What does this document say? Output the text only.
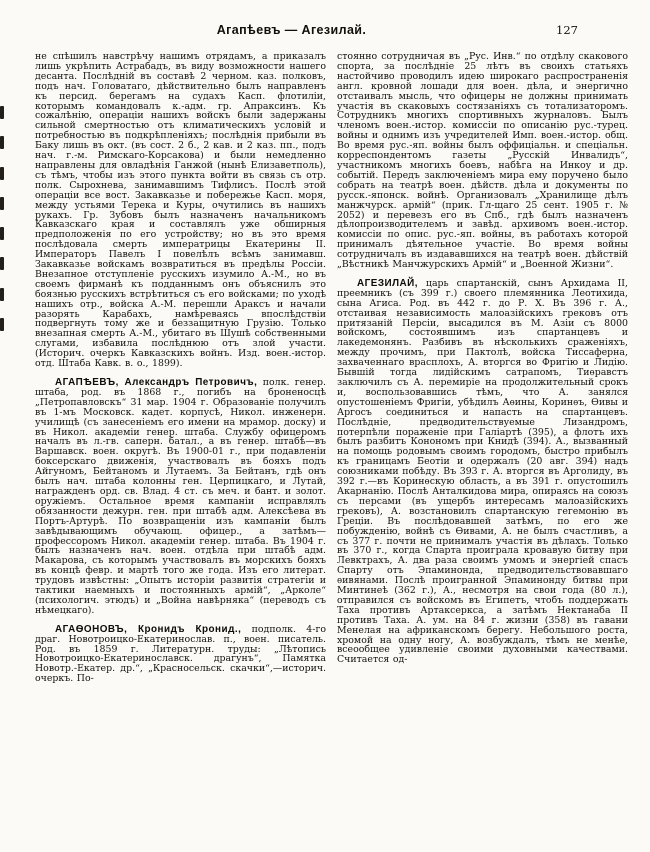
Агапѣевъ — Агезилай.	127

не спѣшилъ навстрѣчу нашимъ отрядамъ, а приказалъ лишь укрѣпить Астрабадъ, въ виду возможности нашего десанта. Послѣдній въ составѣ 2 черном. каз. полковъ, подъ нач. Головатаго, дѣйствительно былъ направленъ къ персид. берегамъ на судахъ Касп. флотиліи, которымъ командовалъ к.-адм. гр. Апраксинъ. Къ сожалѣнію, операціи нашихъ войскъ были задержаны сильной смертностью отъ климатическихъ условій и потребностью въ подкрѣпленіяхъ; послѣднія прибыли въ Баку лишь въ окт. (въ сост. 2 б., 2 кав. и 2 каз. пп., подъ нач. г.-м. Римскаго-Корсакова) и были немедленно направлены для овладѣнія Ганжой (нынѣ Елизаветполь), съ тѣмъ, чтобы изъ этого пункта войти въ связь съ отр. полк. Сырохнева, занимавшимъ Тифлисъ. Послѣ этой операціи все вост. Закавказье и побережье Касп. моря, между устьями Терека и Куры, очутились въ нашихъ рукахъ. Гр. Зубовъ былъ назначенъ начальникомъ Кавказскаго края и составлялъ уже обширныя предположенія по его устройству; но въ это время послѣдовала смерть императрицы Екатерины II. Императоръ Павелъ I повелѣлъ всѣмъ занимавш. Закавказье войскамъ возвратиться въ предѣлы Россіи. Внезапное отступленіе русскихъ изумило А.-М., но въ своемъ фирманѣ къ подданнымъ онъ объяснилъ это боязнью русскихъ встрѣтиться съ его войсками; по уходѣ нашихъ отр., войска А.-М. перешли Араксъ и начали разорять Карабахъ, намѣреваясь впослѣдствіи подвергнуть тому же и беззащитную Грузію. Только внезапная смерть А.-М., убитаго въ Шушѣ собственными слугами, избавила послѣднюю отъ злой участи. (Историч. очеркъ Кавказскихъ войнъ. Изд. воен.-истор. отд. Штаба Кавк. в. о., 1899).

АГАПѢЕВЪ, Александръ Петровичъ, полк. генер. штаба, род. въ 1868 г., погибъ на броненосцѣ „Петропавловскъ“ 31 мар. 1904 г. Образованіе получилъ въ 1-мъ Московск. кадет. корпусѣ, Никол. инженерн. училищѣ (съ занесеніемъ его имени на мрамор. доску) и въ Никол. академіи генер. штаба. Службу офицеромъ началъ въ л.-гв. саперн. батал., а въ генер. штабѣ—въ Варшавск. воен. округѣ. Въ 1900-01 г., при подавленіи боксерскаго движенія, участвовалъ въ бояхъ подъ Айгуномъ, Бейтаномъ и Лутаемъ. За Бейтанъ, гдѣ онъ былъ нач. штаба колонны ген. Церпицкаго, и Лутай, награжденъ орд. св. Влад. 4 ст. съ меч. и бант. и золот. оружіемъ. Остальное время кампаніи исправлялъ обязанности дежурн. ген. при штабѣ адм. Алексѣева въ Портъ-Артурѣ. По возвращеніи изъ кампаніи былъ завѣдывающимъ обучающ. офицер., а затѣмъ—профессоромъ Никол. академіи генер. штаба. Въ 1904 г. былъ назначенъ нач. воен. отдѣла при штабѣ адм. Макарова, съ которымъ участвовалъ въ морскихъ бояхъ въ концѣ февр. и мартѣ того же года. Изъ его литерат. трудовъ извѣстны: „Опытъ исторіи развитія стратегіи и тактики наемныхъ и постоянныхъ армій“, „Арколе“ (психологич. этюдъ) и „Война навѣрняка“ (переводъ съ нѣмецкаго).

АГАѲОНОВЪ, Кронидъ Кронид., подполк. 4-го драг. Новотроицко-Екатеринослав. п., воен. писатель. Род. въ 1859 г. Литературн. труды: „Лѣтопись Новотроицко-Екатеринославск. драгунъ“, Памятка Новотр.-Екатер. др.“, „Красносельск. скачки“,—историч. очеркъ. По-

стоянно сотрудничая въ „Рус. Инв.“ по отдѣлу скакового спорта, за послѣдніе 25 лѣтъ въ своихъ статьяхъ настойчиво проводилъ идею широкаго распространенія англ. кровной лошади для воен. дѣла, и энергично отстаивалъ мысль, что офицеры не должны принимать участія въ скаковыхъ состязаніяхъ съ тотализаторомъ. Сотрудникъ многихъ спортивныхъ журналовъ. Былъ членомъ воен.-истор. комиссіи по описанію рус.-турец. войны и однимъ изъ учредителей Имп. воен.-истор. общ. Во время рус.-яп. войны былъ оффиціальн. и спеціальн. корреспондентомъ газеты „Русскій Инвалидъ“, участникомъ многихъ боевъ, набѣга на Инкоу и др. событій. Передъ заключеніемъ мира ему поручено было собрать на театрѣ воен. дѣйств. дѣла и документы по русск.-японск. войнѣ. Организовалъ „Хранилище дѣлъ манжчурск. армій“ (прик. Гл-щаго 25 сент. 1905 г. № 2052) и перевезъ его въ Спб., гдѣ былъ назначенъ дѣлопроизводителемъ и завѣд. архивомъ воен.-истор. комиссіи по опис. рус.-яп. войны, въ работахъ которой принималъ дѣятельное участіе. Во время войны сотрудничалъ въ издававшихся на театрѣ воен. дѣйствій „Вѣстникѣ Манчжурскихъ Армій“ и „Военной Жизни“.

АГЕЗИЛАЙ, царь спартанскій, сынъ Архидама II, преемникъ (съ 399 г.) своего племянника Леотихида, сына Агиса. Род. въ 442 г. до Р. Х. Въ 396 г. А., отстаивая независимость малоазійскихъ грековъ отъ притязаній Персіи, высадился въ М. Азіи съ 8000 войскомъ, состоявшимъ изъ спартанцевъ и лакедемонянъ. Разбивъ въ нѣсколькихъ сраженіяхъ, между прочимъ, при Пактолѣ, войска Тиссаферна, захваченнаго врасплохъ, А. вторгся во Фригію и Лидію. Бывшій тогда лидійскимъ сатрапомъ, Тиѳравстъ заключилъ съ А. перемиріе на продолжительный срокъ и, воспользовавшись тѣмъ, что А. занялся опустошеніемъ Фригіи, убѣдилъ Аѳины, Коринѳъ, Ѳивы и Аргосъ соединиться и напасть на спартанцевъ. Послѣдніе, предводительствуемые Лизандромъ, потерпѣли пораженіе при Галіартѣ (395), а флотъ ихъ былъ разбитъ Конономъ при Книдѣ (394). А., вызванный на помощь родовымъ своимъ городомъ, быстро прибылъ къ границамъ Беотіи и одержалъ (20 авг. 394) надъ союзниками побѣду. Въ 393 г. А. вторгся въ Арголиду, въ 392 г.—въ Коринѳскую область, а въ 391 г. опустошилъ Акарнанію. Послѣ Анталкидова мира, опираясь на союзъ съ персами (въ ущербъ интересамъ малоазійскихъ грековъ), А. возстановилъ спартанскую гегемонію въ Греціи. Въ послѣдовавшей затѣмъ, по его же побужденію, войнѣ съ Ѳивами, А. не былъ счастливъ, а съ 377 г. почти не принималъ участія въ дѣлахъ. Только въ 370 г., когда Спарта проиграла кровавую битву при Левктрахъ, А. два раза своимъ умомъ и энергіей спасъ Спарту отъ Эпаминонда, предводительствовавшаго ѳивянами. Послѣ проигранной Эпаминонду битвы при Минтинеѣ (362 г.), А., несмотря на свои года (80 л.), отправился съ войскомъ въ Египетъ, чтобъ поддержать Таха противъ Артаксеркса, а затѣмъ Нектанаба II противъ Таха. А. ум. на 84 г. жизни (358) въ гавани Менелая на африканскомъ берегу. Небольшого роста, хромой на одну ногу, А. возбуждалъ, тѣмъ не менѣе, всеообщее удивленіе своими духовными качествами. Считается од-
